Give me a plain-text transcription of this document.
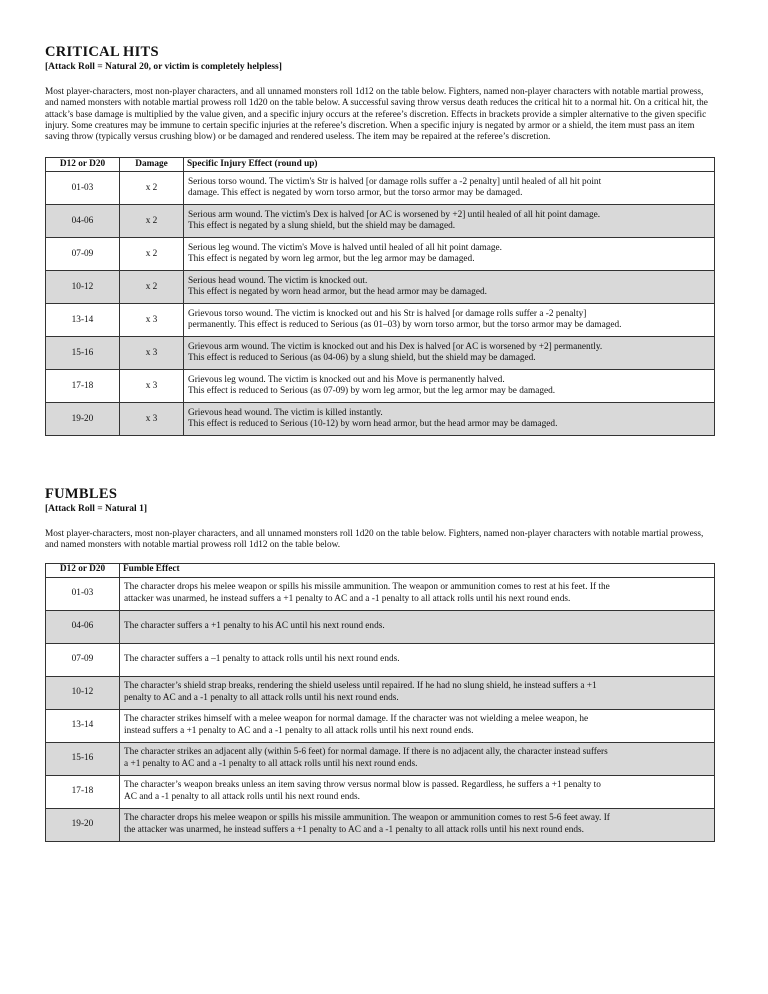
CRITICAL HITS

[Attack Roll = Natural 20, or victim is completely helpless]

Most player-characters, most non-player characters, and all unnamed monsters roll 1d12 on the table below. Fighters, named non-player characters with notable martial prowess, and named monsters with notable martial prowess roll 1d20 on the table below. A successful saving throw versus death reduces the critical hit to a normal hit. On a critical hit, the attack’s base damage is multiplied by the value given, and a specific injury occurs at the referee’s discretion. Effects in brackets provide a simpler alternative to the given specific injury. Some creatures may be immune to certain specific injuries at the referee’s discretion. When a specific injury is negated by armor or a shield, the item must pass an item saving throw (typically versus crushing blow) or be damaged and rendered useless. The item may be repaired at the referee’s discretion.

D12 or D20	Damage	Specific Injury Effect (round up)
01-03	x 2	Serious torso wound. The victim's Str is halved [or damage rolls suffer a -2 penalty] until healed of all hit point
damage. This effect is negated by worn torso armor, but the torso armor may be damaged.

04-06	x 2	Serious arm wound. The victim's Dex is halved [or AC is worsened by +2] until healed of all hit point damage.
This effect is negated by a slung shield, but the shield may be damaged.

07-09	x 2	Serious leg wound. The victim's Move is halved until healed of all hit point damage.
This effect is negated by worn leg armor, but the leg armor may be damaged.

10-12	x 2	Serious head wound. The victim is knocked out.
This effect is negated by worn head armor, but the head armor may be damaged.

13-14	x 3	Grievous torso wound. The victim is knocked out and his Str is halved [or damage rolls suffer a -2 penalty]
permanently. This effect is reduced to Serious (as 01–03) by worn torso armor, but the torso armor may be damaged.

15-16	x 3	Grievous arm wound. The victim is knocked out and his Dex is halved [or AC is worsened by +2] permanently.
This effect is reduced to Serious (as 04-06) by a slung shield, but the shield may be damaged.

17-18	x 3	Grievous leg wound. The victim is knocked out and his Move is permanently halved.
This effect is reduced to Serious (as 07-09) by worn leg armor, but the leg armor may be damaged.

19-20	x 3	Grievous head wound. The victim is killed instantly.
This effect is reduced to Serious (10-12) by worn head armor, but the head armor may be damaged.
FUMBLES

[Attack Roll = Natural 1]

Most player-characters, most non-player characters, and all unnamed monsters roll 1d20 on the table below. Fighters, named non-player characters with notable martial prowess, and named monsters with notable martial prowess roll 1d12 on the table below.

D12 or D20	Fumble Effect
01-03	The character drops his melee weapon or spills his missile ammunition. The weapon or ammunition comes to rest at his feet. If the
attacker was unarmed, he instead suffers a +1 penalty to AC and a -1 penalty to all attack rolls until his next round ends.

04-06	The character suffers a +1 penalty to his AC until his next round ends.

07-09	The character suffers a –1 penalty to attack rolls until his next round ends.

10-12	The character’s shield strap breaks, rendering the shield useless until repaired. If he had no slung shield, he instead suffers a +1
penalty to AC and a -1 penalty to all attack rolls until his next round ends.

13-14	The character strikes himself with a melee weapon for normal damage. If the character was not wielding a melee weapon, he
instead suffers a +1 penalty to AC and a -1 penalty to all attack rolls until his next round ends.

15-16	The character strikes an adjacent ally (within 5-6 feet) for normal damage. If there is no adjacent ally, the character instead suffers
a +1 penalty to AC and a -1 penalty to all attack rolls until his next round ends.

17-18	The character’s weapon breaks unless an item saving throw versus normal blow is passed. Regardless, he suffers a +1 penalty to
AC and a -1 penalty to all attack rolls until his next round ends.

19-20	The character drops his melee weapon or spills his missile ammunition. The weapon or ammunition comes to rest 5-6 feet away. If
the attacker was unarmed, he instead suffers a +1 penalty to AC and a -1 penalty to all attack rolls until his next round ends.
